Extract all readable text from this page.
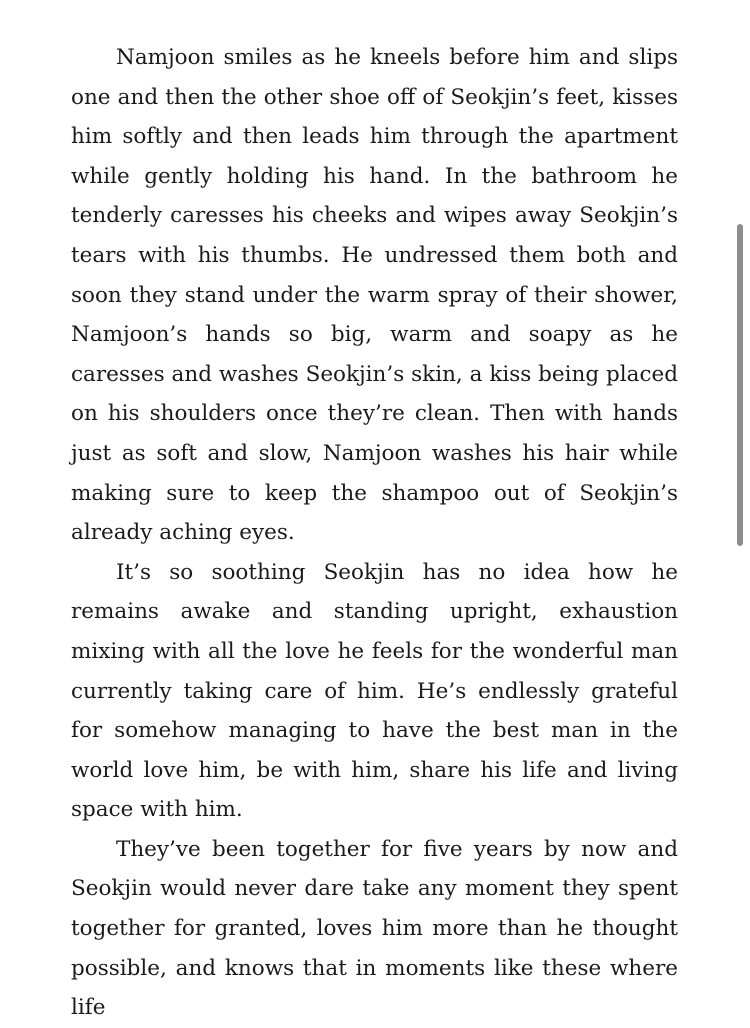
Namjoon smiles as he kneels before him and slips one and then the other shoe off of Seokjin’s feet, kisses him softly and then leads him through the apartment while gently holding his hand. In the bathroom he tenderly caresses his cheeks and wipes away Seokjin’s tears with his thumbs. He undressed them both and soon they stand under the warm spray of their shower, Namjoon’s hands so big, warm and soapy as he caresses and washes Seokjin’s skin, a kiss being placed on his shoulders once they’re clean. Then with hands just as soft and slow, Namjoon washes his hair while making sure to keep the shampoo out of Seokjin’s already aching eyes.

It’s so soothing Seokjin has no idea how he remains awake and standing upright, exhaustion mixing with all the love he feels for the wonderful man currently taking care of him. He’s endlessly grateful for somehow managing to have the best man in the world love him, be with him, share his life and living space with him.

They’ve been together for five years by now and Seokjin would never dare take any moment they spent together for granted, loves him more than he thought possible, and knows that in moments like these where life
